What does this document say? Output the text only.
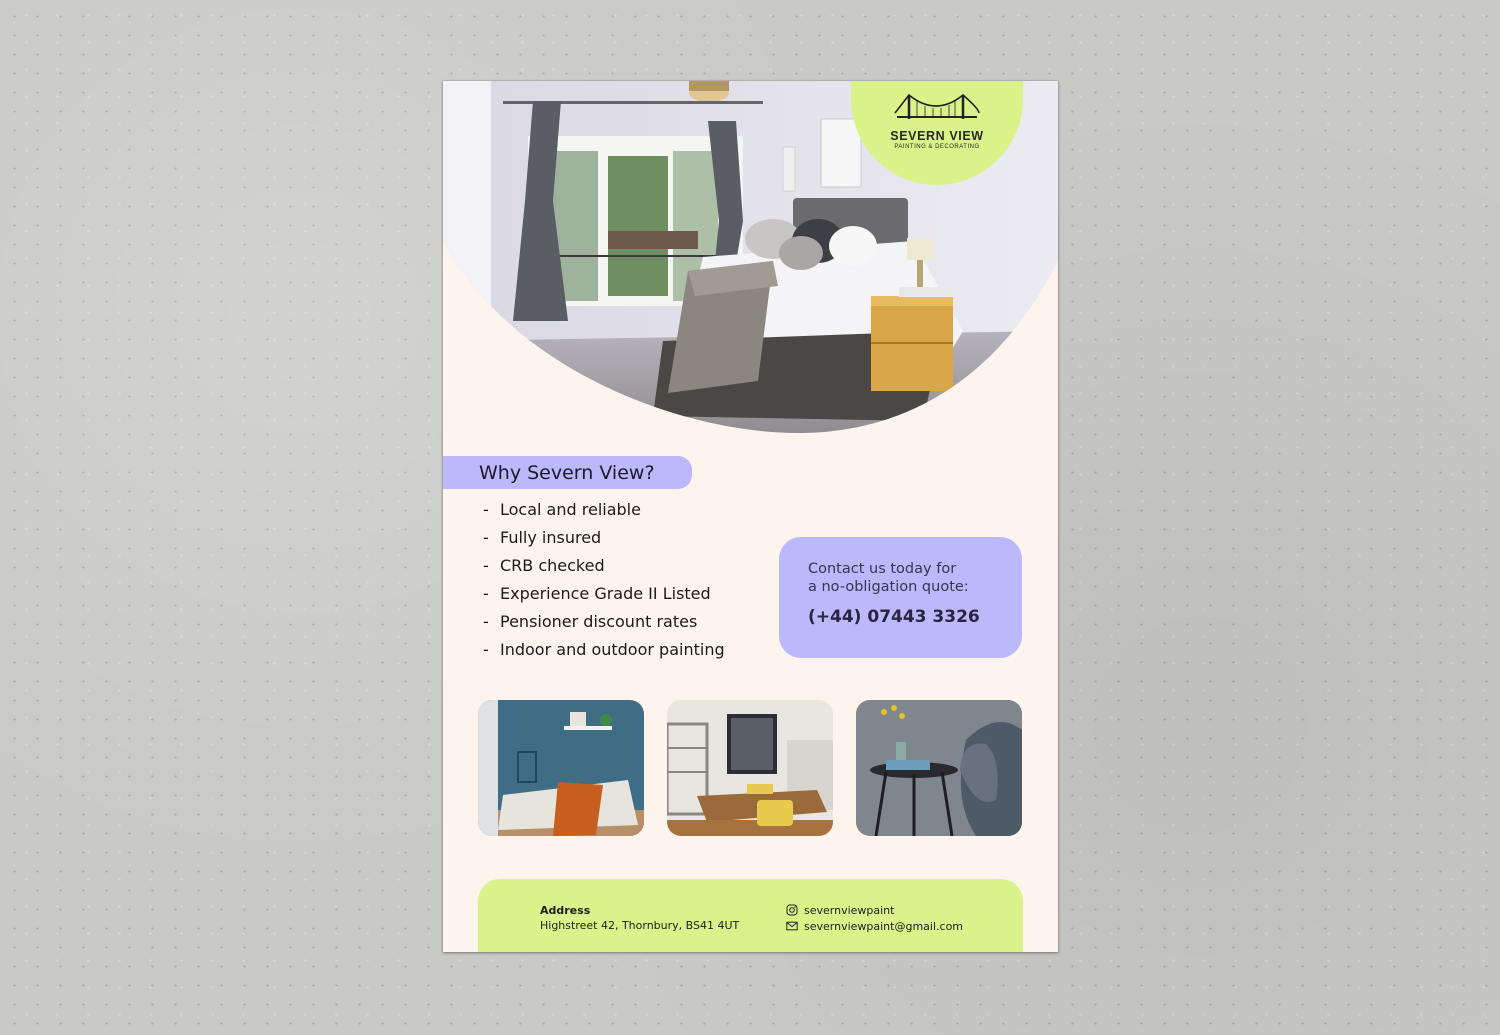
SEVERN VIEW
PAINTING & DECORATING
Why Severn View?
- Local and reliable
- Fully insured
- CRB checked
- Experience Grade II Listed
- Pensioner discount rates
- Indoor and outdoor painting
Contact us today for
a no-obligation quote:
(+44) 07443 3326
Address
Highstreet 42, Thornbury, BS41 4UT
severnviewpaint
severnviewpaint@gmail.com
